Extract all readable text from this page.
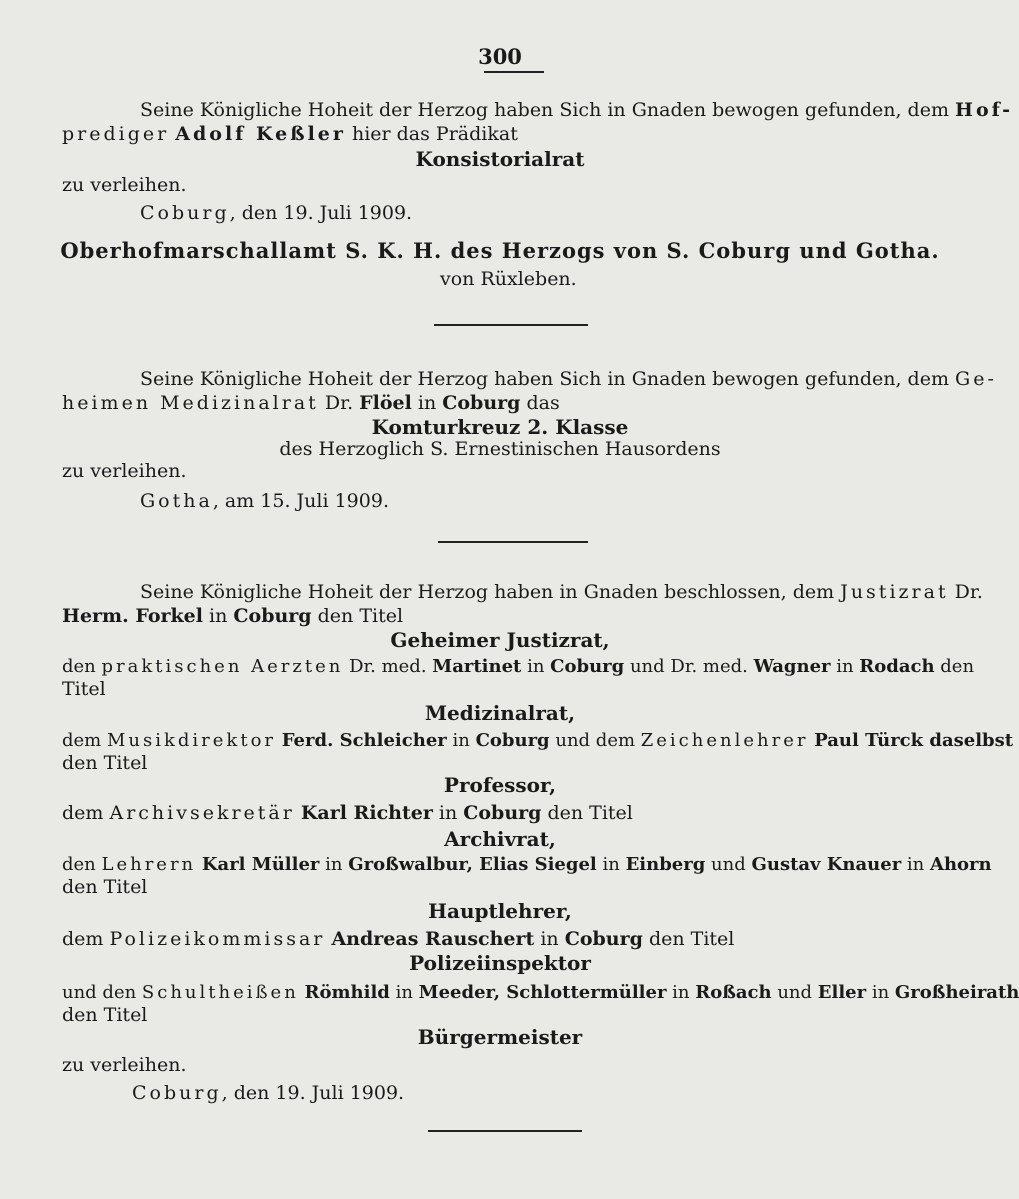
300
Seine Königliche Hoheit der Herzog haben Sich in Gnaden bewogen gefunden, dem Hof-
prediger Adolf Keßler hier das Prädikat
Konsistorialrat
zu verleihen.
Coburg, den 19. Juli 1909.
Oberhofmarschallamt S. K. H. des Herzogs von S. Coburg und Gotha.
von Rüxleben.
Seine Königliche Hoheit der Herzog haben Sich in Gnaden bewogen gefunden, dem Ge-
heimen Medizinalrat Dr. Flöel in Coburg das
Komturkreuz 2. Klasse
des Herzoglich S. Ernestinischen Hausordens
zu verleihen.
Gotha, am 15. Juli 1909.
Seine Königliche Hoheit der Herzog haben in Gnaden beschlossen, dem Justizrat Dr.
Herm. Forkel in Coburg den Titel
Geheimer Justizrat,
den praktischen Aerzten Dr. med. Martinet in Coburg und Dr. med. Wagner in Rodach den
Titel
Medizinalrat,
dem Musikdirektor Ferd. Schleicher in Coburg und dem Zeichenlehrer Paul Türck daselbst
den Titel
Professor,
dem Archivsekretär Karl Richter in Coburg den Titel
Archivrat,
den Lehrern Karl Müller in Großwalbur, Elias Siegel in Einberg und Gustav Knauer in Ahorn
den Titel
Hauptlehrer,
dem Polizeikommissar Andreas Rauschert in Coburg den Titel
Polizeiinspektor
und den Schultheißen Römhild in Meeder, Schlottermüller in Roßach und Eller in Großheirath
den Titel
Bürgermeister
zu verleihen.
Coburg, den 19. Juli 1909.
